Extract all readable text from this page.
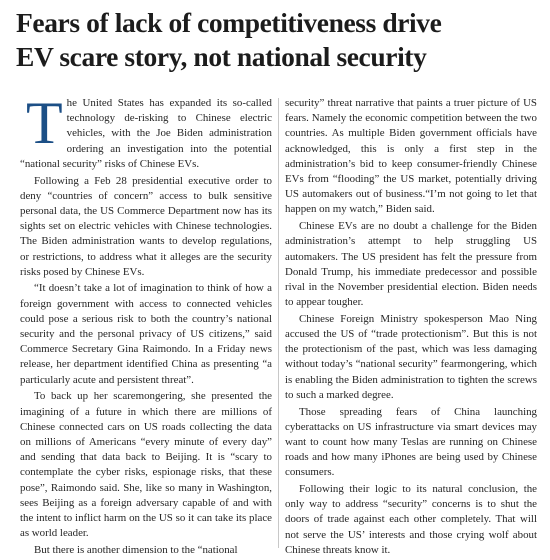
Fears of lack of competitiveness drive
EV scare story, not national security

The United States has expanded its so-called technology de-risking to Chinese electric vehicles, with the Joe Biden administration ordering an investigation into the potential “national security” risks of Chinese EVs.

Following a Feb 28 presidential executive order to deny “countries of concern” access to bulk sensitive personal data, the US Commerce Department now has its sights set on electric vehicles with Chinese technologies. The Biden administration wants to develop regulations, or restrictions, to address what it alleges are the security risks posed by Chinese EVs.

“It doesn’t take a lot of imagination to think of how a foreign government with access to connected vehicles could pose a serious risk to both the country’s national security and the personal privacy of US citizens,” said Commerce Secretary Gina Raimondo. In a Friday news release, her department identified China as presenting “a particularly acute and persistent threat”.

To back up her scaremongering, she presented the imagining of a future in which there are millions of Chinese connected cars on US roads collecting the data on millions of Americans “every minute of every day” and sending that data back to Beijing. It is “scary to contemplate the cyber risks, espionage risks, that these pose”, Raimondo said. She, like so many in Washington, sees Beijing as a foreign adversary capable of and with the intent to inflict harm on the US so it can take its place as world leader.

But there is another dimension to the “national

security” threat narrative that paints a truer picture of US fears. Namely the economic competition between the two countries. As multiple Biden government officials have acknowledged, this is only a first step in the administration’s bid to keep consumer-friendly Chinese EVs from “flooding” the US market, potentially driving US automakers out of business.“I’m not going to let that happen on my watch,” Biden said.

Chinese EVs are no doubt a challenge for the Biden administration’s attempt to help struggling US automakers. The US president has felt the pressure from Donald Trump, his immediate predecessor and possible rival in the November presidential election. Biden needs to appear tougher.

Chinese Foreign Ministry spokesperson Mao Ning accused the US of “trade protectionism”. But this is not the protectionism of the past, which was less damaging without today’s “national security” fearmongering, which is enabling the Biden administration to tighten the screws to such a marked degree.

Those spreading fears of China launching cyberattacks on US infrastructure via smart devices may want to count how many Teslas are running on Chinese roads and how many iPhones are being used by Chinese consumers.

Following their logic to its natural conclusion, the only way to address “security” concerns is to shut the doors of trade against each other completely. That will not serve the US’ interests and those crying wolf about Chinese threats know it.
